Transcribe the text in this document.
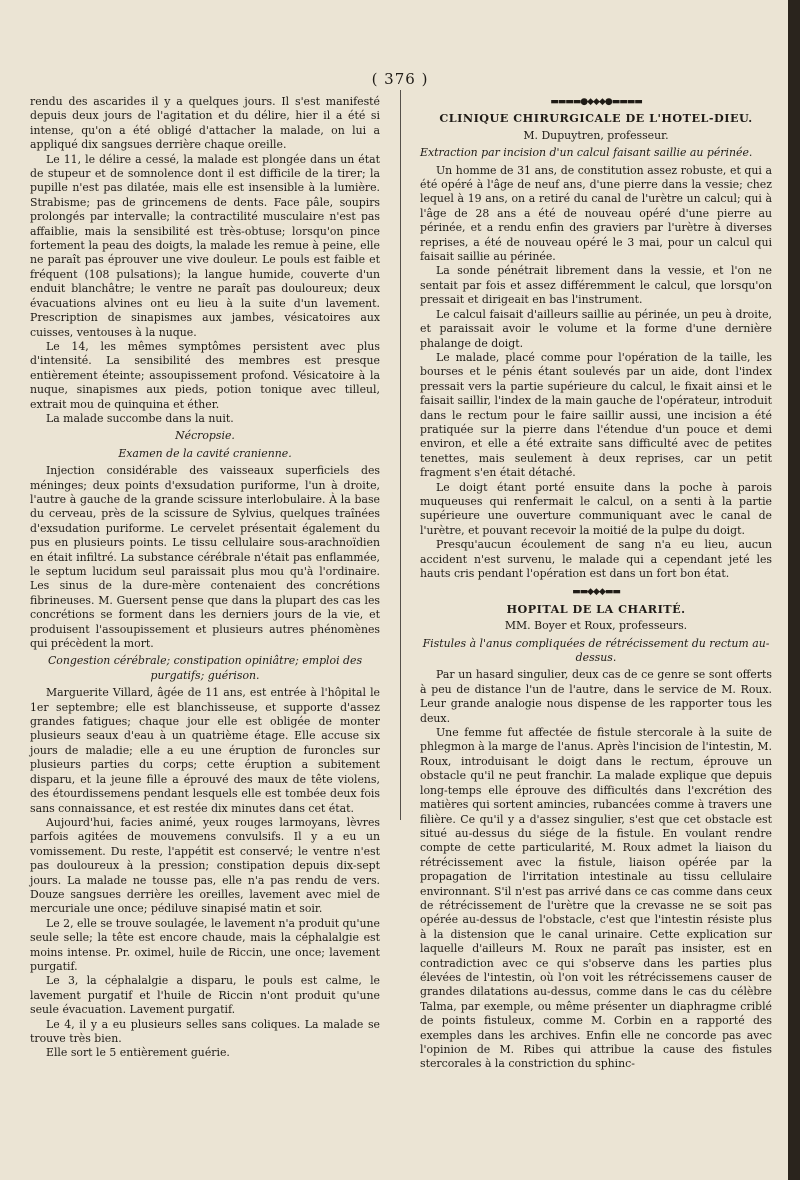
( 376 )

rendu des ascarides il y a quelques jours. Il s'est manifesté depuis deux jours de l'agitation et du délire, hier il a été si intense, qu'on a été obligé d'attacher la malade, on lui a appliqué dix sangsues derrière chaque oreille.

Le 11, le délire a cessé, la malade est plongée dans un état de stupeur et de somnolence dont il est difficile de la tirer; la pupille n'est pas dilatée, mais elle est insensible à la lumière. Strabisme; pas de grincemens de dents. Face pâle, soupirs prolongés par intervalle; la contractilité musculaire n'est pas affaiblie, mais la sensibilité est très-obtuse; lorsqu'on pince fortement la peau des doigts, la malade les remue à peine, elle ne paraît pas éprouver une vive douleur. Le pouls est faible et fréquent (108 pulsations); la langue humide, couverte d'un enduit blanchâtre; le ventre ne paraît pas douloureux; deux évacuations alvines ont eu lieu à la suite d'un lavement. Prescription de sinapismes aux jambes, vésicatoires aux cuisses, ventouses à la nuque.

Le 14, les mêmes symptômes persistent avec plus d'intensité. La sensibilité des membres est presque entièrement éteinte; assoupissement profond. Vésicatoire à la nuque, sinapismes aux pieds, potion tonique avec tilleul, extrait mou de quinquina et éther.

La malade succombe dans la nuit.

Nécropsie.

Examen de la cavité cranienne.

Injection considérable des vaisseaux superficiels des méninges; deux points d'exsudation puriforme, l'un à droite, l'autre à gauche de la grande scissure interlobulaire. À la base du cerveau, près de la scissure de Sylvius, quelques traînées d'exsudation puriforme. Le cervelet présentait également du pus en plusieurs points. Le tissu cellulaire sous-arachnoïdien en était infiltré. La substance cérébrale n'était pas enflammée, le septum lucidum seul paraissait plus mou qu'à l'ordinaire. Les sinus de la dure-mère contenaient des concrétions fibrineuses. M. Guersent pense que dans la plupart des cas les concrétions se forment dans les derniers jours de la vie, et produisent l'assoupissement et plusieurs autres phénomènes qui précèdent la mort.

Congestion cérébrale; constipation opiniâtre; emploi des purgatifs; guérison.

Marguerite Villard, âgée de 11 ans, est entrée à l'hôpital le 1er septembre; elle est blanchisseuse, et supporte d'assez grandes fatigues; chaque jour elle est obligée de monter plusieurs seaux d'eau à un quatrième étage. Elle accuse six jours de maladie; elle a eu une éruption de furoncles sur plusieurs parties du corps; cette éruption a subitement disparu, et la jeune fille a éprouvé des maux de tête violens, des étourdissemens pendant lesquels elle est tombée deux fois sans connaissance, et est restée dix minutes dans cet état.

Aujourd'hui, facies animé, yeux rouges larmoyans, lèvres parfois agitées de mouvemens convulsifs. Il y a eu un vomissement. Du reste, l'appétit est conservé; le ventre n'est pas douloureux à la pression; constipation depuis dix-sept jours. La malade ne tousse pas, elle n'a pas rendu de vers. Douze sangsues derrière les oreilles, lavement avec miel de mercuriale une once; pédiluve sinapisé matin et soir.

Le 2, elle se trouve soulagée, le lavement n'a produit qu'une seule selle; la tête est encore chaude, mais la céphalalgie est moins intense. Pr. oximel, huile de Riccin, une once; lavement purgatif.

Le 3, la céphalalgie a disparu, le pouls est calme, le lavement purgatif et l'huile de Riccin n'ont produit qu'une seule évacuation. Lavement purgatif.

Le 4, il y a eu plusieurs selles sans coliques. La malade se trouve très bien.

Elle sort le 5 entièrement guérie.

▬▬▬▬●◆◆◆●▬▬▬▬

CLINIQUE CHIRURGICALE DE L'HOTEL-DIEU.

M. Dupuytren, professeur.

Extraction par incision d'un calcul faisant saillie au périnée.

Un homme de 31 ans, de constitution assez robuste, et qui a été opéré à l'âge de neuf ans, d'une pierre dans la vessie; chez lequel à 19 ans, on a retiré du canal de l'urètre un calcul; qui à l'âge de 28 ans a été de nouveau opéré d'une pierre au périnée, et a rendu enfin des graviers par l'urètre à diverses reprises, a été de nouveau opéré le 3 mai, pour un calcul qui faisait saillie au périnée.

La sonde pénétrait librement dans la vessie, et l'on ne sentait par fois et assez différemment le calcul, que lorsqu'on pressait et dirigeait en bas l'instrument.

Le calcul faisait d'ailleurs saillie au périnée, un peu à droite, et paraissait avoir le volume et la forme d'une dernière phalange de doigt.

Le malade, placé comme pour l'opération de la taille, les bourses et le pénis étant soulevés par un aide, dont l'index pressait vers la partie supérieure du calcul, le fixait ainsi et le faisait saillir, l'index de la main gauche de l'opérateur, introduit dans le rectum pour le faire saillir aussi, une incision a été pratiquée sur la pierre dans l'étendue d'un pouce et demi environ, et elle a été extraite sans difficulté avec de petites tenettes, mais seulement à deux reprises, car un petit fragment s'en était détaché.

Le doigt étant porté ensuite dans la poche à parois muqueuses qui renfermait le calcul, on a senti à la partie supérieure une ouverture communiquant avec le canal de l'urètre, et pouvant recevoir la moitié de la pulpe du doigt.

Presqu'aucun écoulement de sang n'a eu lieu, aucun accident n'est survenu, le malade qui a cependant jeté les hauts cris pendant l'opération est dans un fort bon état.

▬▬◆◆◆▬▬

HOPITAL DE LA CHARITÉ.

MM. Boyer et Roux, professeurs.

Fistules à l'anus compliquées de rétrécissement du rectum au-dessus.

Par un hasard singulier, deux cas de ce genre se sont offerts à peu de distance l'un de l'autre, dans le service de M. Roux. Leur grande analogie nous dispense de les rapporter tous les deux.

Une femme fut affectée de fistule stercorale à la suite de phlegmon à la marge de l'anus. Après l'incision de l'intestin, M. Roux, introduisant le doigt dans le rectum, éprouve un obstacle qu'il ne peut franchir. La malade explique que depuis long-temps elle éprouve des difficultés dans l'excrétion des matières qui sortent amincies, rubancées comme à travers une filière. Ce qu'il y a d'assez singulier, s'est que cet obstacle est situé au-dessus du siége de la fistule. En voulant rendre compte de cette particularité, M. Roux admet la liaison du rétrécissement avec la fistule, liaison opérée par la propagation de l'irritation intestinale au tissu cellulaire environnant. S'il n'est pas arrivé dans ce cas comme dans ceux de rétrécissement de l'urètre que la crevasse ne se soit pas opérée au-dessus de l'obstacle, c'est que l'intestin résiste plus à la distension que le canal urinaire. Cette explication sur laquelle d'ailleurs M. Roux ne paraît pas insister, est en contradiction avec ce qui s'observe dans les parties plus élevées de l'intestin, où l'on voit les rétrécissemens causer de grandes dilatations au-dessus, comme dans le cas du célèbre Talma, par exemple, ou même présenter un diaphragme criblé de points fistuleux, comme M. Corbin en a rapporté des exemples dans les archives. Enfin elle ne concorde pas avec l'opinion de M. Ribes qui attribue la cause des fistules stercorales à la constriction du sphinc-
